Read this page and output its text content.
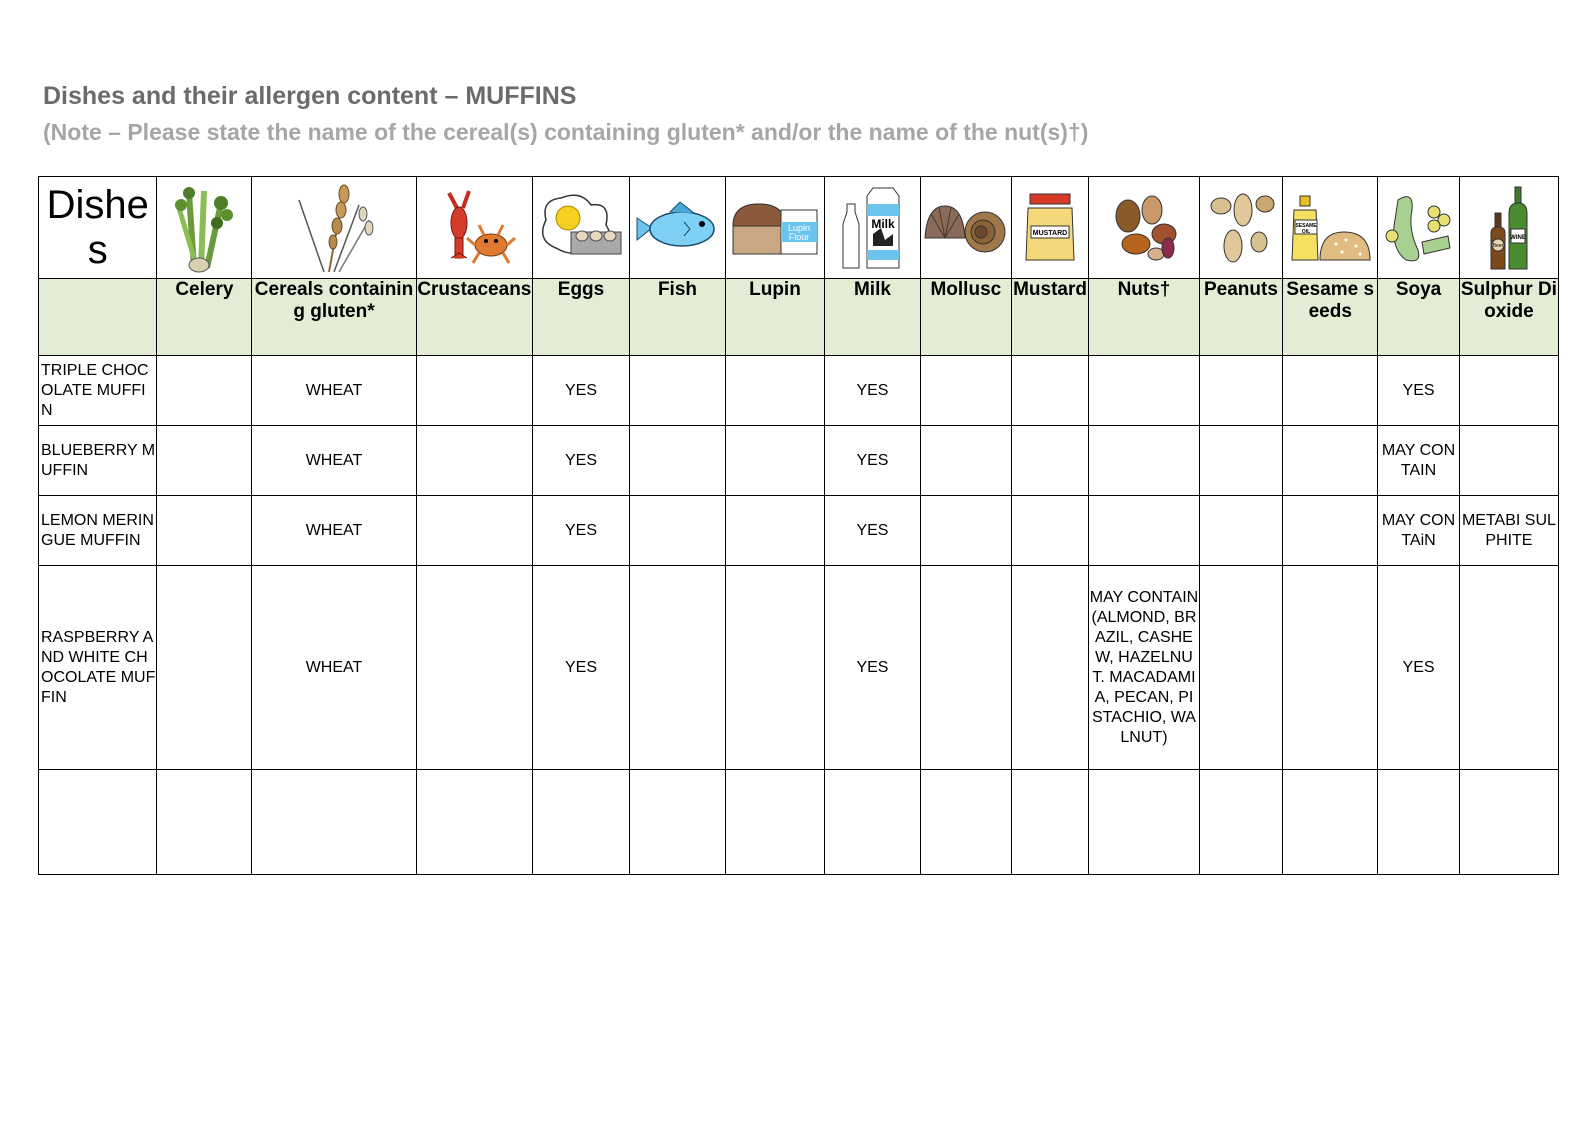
Dishes and their allergen content – MUFFINS
(Note – Please state the name of the cereal(s) containing gluten* and/or the name of the nut(s)†)
Dishes						Lupin
Flour	Milk		MUSTARD			SESAME
OIL		WINE
Beer

	Celery	Cereals containing gluten*	Crustaceans	Eggs	Fish	Lupin	Milk	Mollusc	Mustard	Nuts†	Peanuts	Sesame seeds	Soya	Sulphur Dioxide
TRIPLE CHOCOLATE MUFFIN		WHEAT		YES			YES						YES	
BLUEBERRY MUFFIN		WHEAT		YES			YES						MAY CONTAIN	
LEMON MERINGUE MUFFIN		WHEAT		YES			YES						MAY CONTAiN	METABI SULPHITE
RASPBERRY AND WHITE CHOCOLATE MUFFIN		WHEAT		YES			YES			MAY CONTAIN (ALMOND, BRAZIL, CASHEW, HAZELNUT. MACADAMIA, PECAN, PISTACHIO, WALNUT)			YES	
